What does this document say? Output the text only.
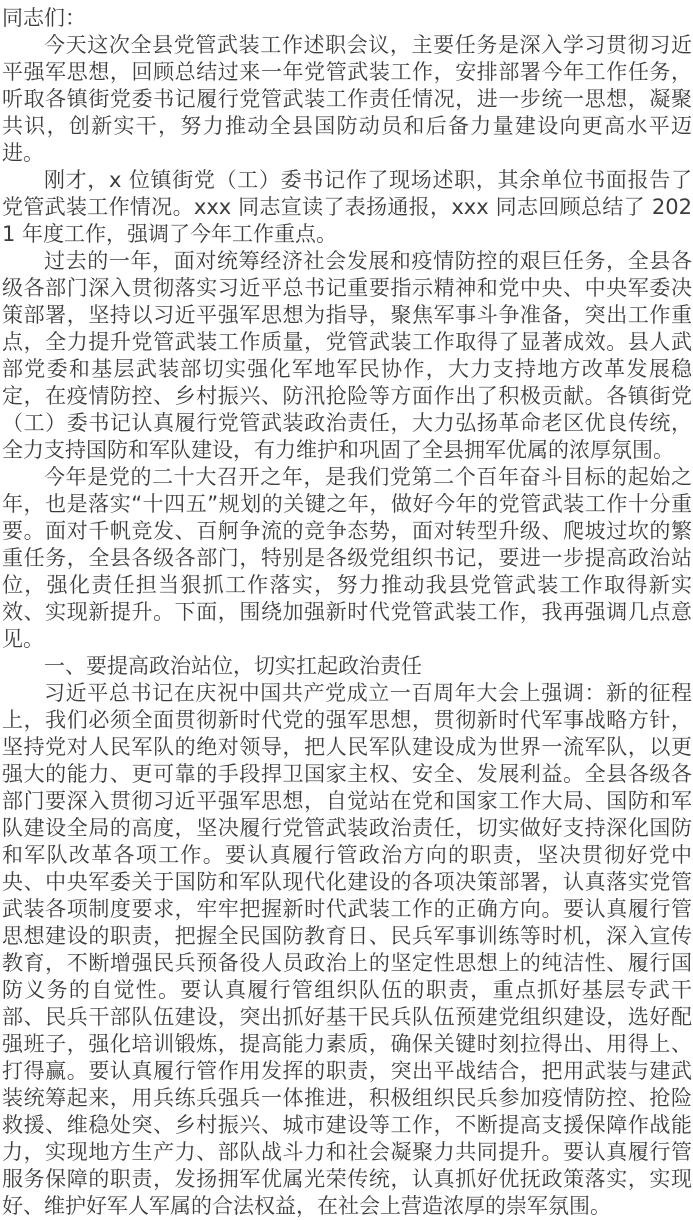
同志们：

今天这次全县党管武装工作述职会议，主要任务是深入学习贯彻习近平强军思想，回顾总结过来一年党管武装工作，安排部署今年工作任务，听取各镇街党委书记履行党管武装工作责任情况，进一步统一思想，凝聚共识，创新实干，努力推动全县国防动员和后备力量建设向更高水平迈进。

刚才，x 位镇街党（工）委书记作了现场述职，其余单位书面报告了党管武装工作情况。xxx 同志宣读了表扬通报，xxx 同志回顾总结了 2021 年度工作，强调了今年工作重点。

过去的一年，面对统筹经济社会发展和疫情防控的艰巨任务，全县各级各部门深入贯彻落实习近平总书记重要指示精神和党中央、中央军委决策部署，坚持以习近平强军思想为指导，聚焦军事斗争准备，突出工作重点，全力提升党管武装工作质量，党管武装工作取得了显著成效。县人武部党委和基层武装部切实强化军地军民协作，大力支持地方改革发展稳定，在疫情防控、乡村振兴、防汛抢险等方面作出了积极贡献。各镇街党（工）委书记认真履行党管武装政治责任，大力弘扬革命老区优良传统，全力支持国防和军队建设，有力维护和巩固了全县拥军优属的浓厚氛围。

今年是党的二十大召开之年，是我们党第二个百年奋斗目标的起始之年，也是落实“十四五”规划的关键之年，做好今年的党管武装工作十分重要。面对千帆竞发、百舸争流的竞争态势，面对转型升级、爬坡过坎的繁重任务，全县各级各部门，特别是各级党组织书记，要进一步提高政治站位，强化责任担当狠抓工作落实，努力推动我县党管武装工作取得新实效、实现新提升。下面，围绕加强新时代党管武装工作，我再强调几点意见。

一、要提高政治站位，切实扛起政治责任

习近平总书记在庆祝中国共产党成立一百周年大会上强调：新的征程上，我们必须全面贯彻新时代党的强军思想，贯彻新时代军事战略方针，坚持党对人民军队的绝对领导，把人民军队建设成为世界一流军队，以更强大的能力、更可靠的手段捍卫国家主权、安全、发展利益。全县各级各部门要深入贯彻习近平强军思想，自觉站在党和国家工作大局、国防和军队建设全局的高度，坚决履行党管武装政治责任，切实做好支持深化国防和军队改革各项工作。要认真履行管政治方向的职责，坚决贯彻好党中央、中央军委关于国防和军队现代化建设的各项决策部署，认真落实党管武装各项制度要求，牢牢把握新时代武装工作的正确方向。要认真履行管思想建设的职责，把握全民国防教育日、民兵军事训练等时机，深入宣传教育，不断增强民兵预备役人员政治上的坚定性思想上的纯洁性、履行国防义务的自觉性。要认真履行管组织队伍的职责，重点抓好基层专武干部、民兵干部队伍建设，突出抓好基干民兵队伍预建党组织建设，选好配强班子，强化培训锻炼，提高能力素质，确保关键时刻拉得出、用得上、打得赢。要认真履行管作用发挥的职责，突出平战结合，把用武装与建武装统筹起来，用兵练兵强兵一体推进，积极组织民兵参加疫情防控、抢险救援、维稳处突、乡村振兴、城市建设等工作，不断提高支援保障作战能力，实现地方生产力、部队战斗力和社会凝聚力共同提升。要认真履行管服务保障的职责，发扬拥军优属光荣传统，认真抓好优抚政策落实，实现好、维护好军人军属的合法权益，在社会上营造浓厚的崇军氛围。
